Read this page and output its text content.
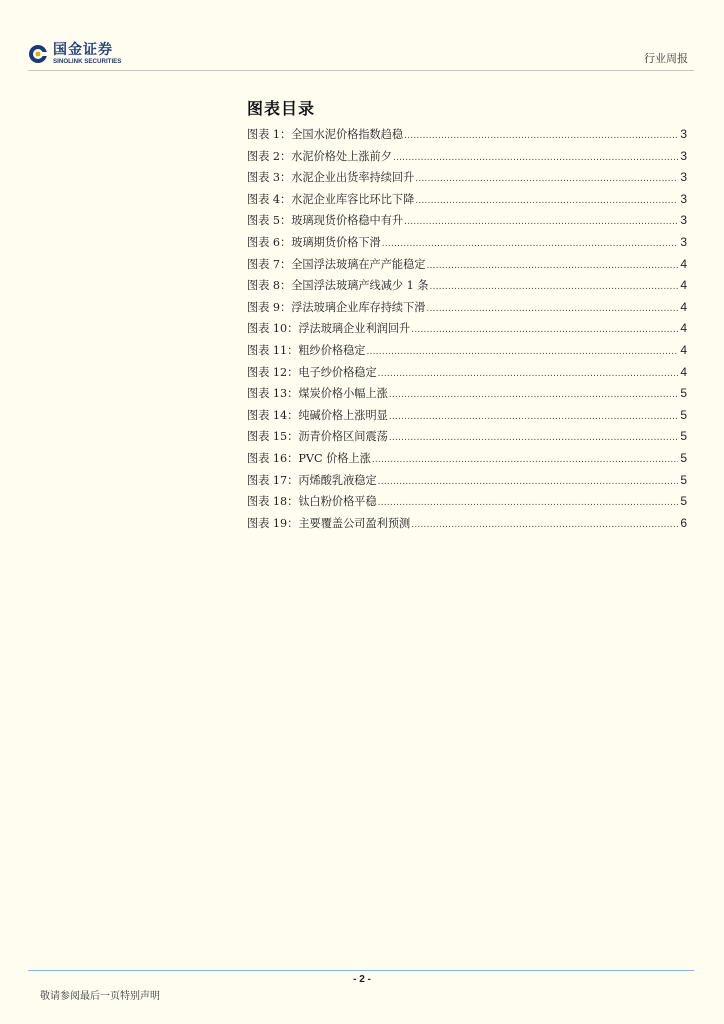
国金证券
SINOLINK SECURITIES	行业周报
图表目录
图表 1：全国水泥价格指数趋稳 .....	3
图表 2：水泥价格处上涨前夕 .....	3
图表 3：水泥企业出货率持续回升 .....	3
图表 4：水泥企业库容比环比下降 .....	3
图表 5：玻璃现货价格稳中有升 .....	3
图表 6：玻璃期货价格下滑 .....	3
图表 7：全国浮法玻璃在产产能稳定 .....	4
图表 8：全国浮法玻璃产线减少 1 条 .....	4
图表 9：浮法玻璃企业库存持续下滑 .....	4
图表 10：浮法玻璃企业利润回升 .....	4
图表 11：粗纱价格稳定 .....	4
图表 12：电子纱价格稳定 .....	4
图表 13：煤炭价格小幅上涨 .....	5
图表 14：纯碱价格上涨明显 .....	5
图表 15：沥青价格区间震荡 .....	5
图表 16：PVC 价格上涨 .....	5
图表 17：丙烯酸乳液稳定 .....	5
图表 18：钛白粉价格平稳 .....	5
图表 19：主要覆盖公司盈利预测 .....	6
- 2 -
敬请参阅最后一页特别声明
